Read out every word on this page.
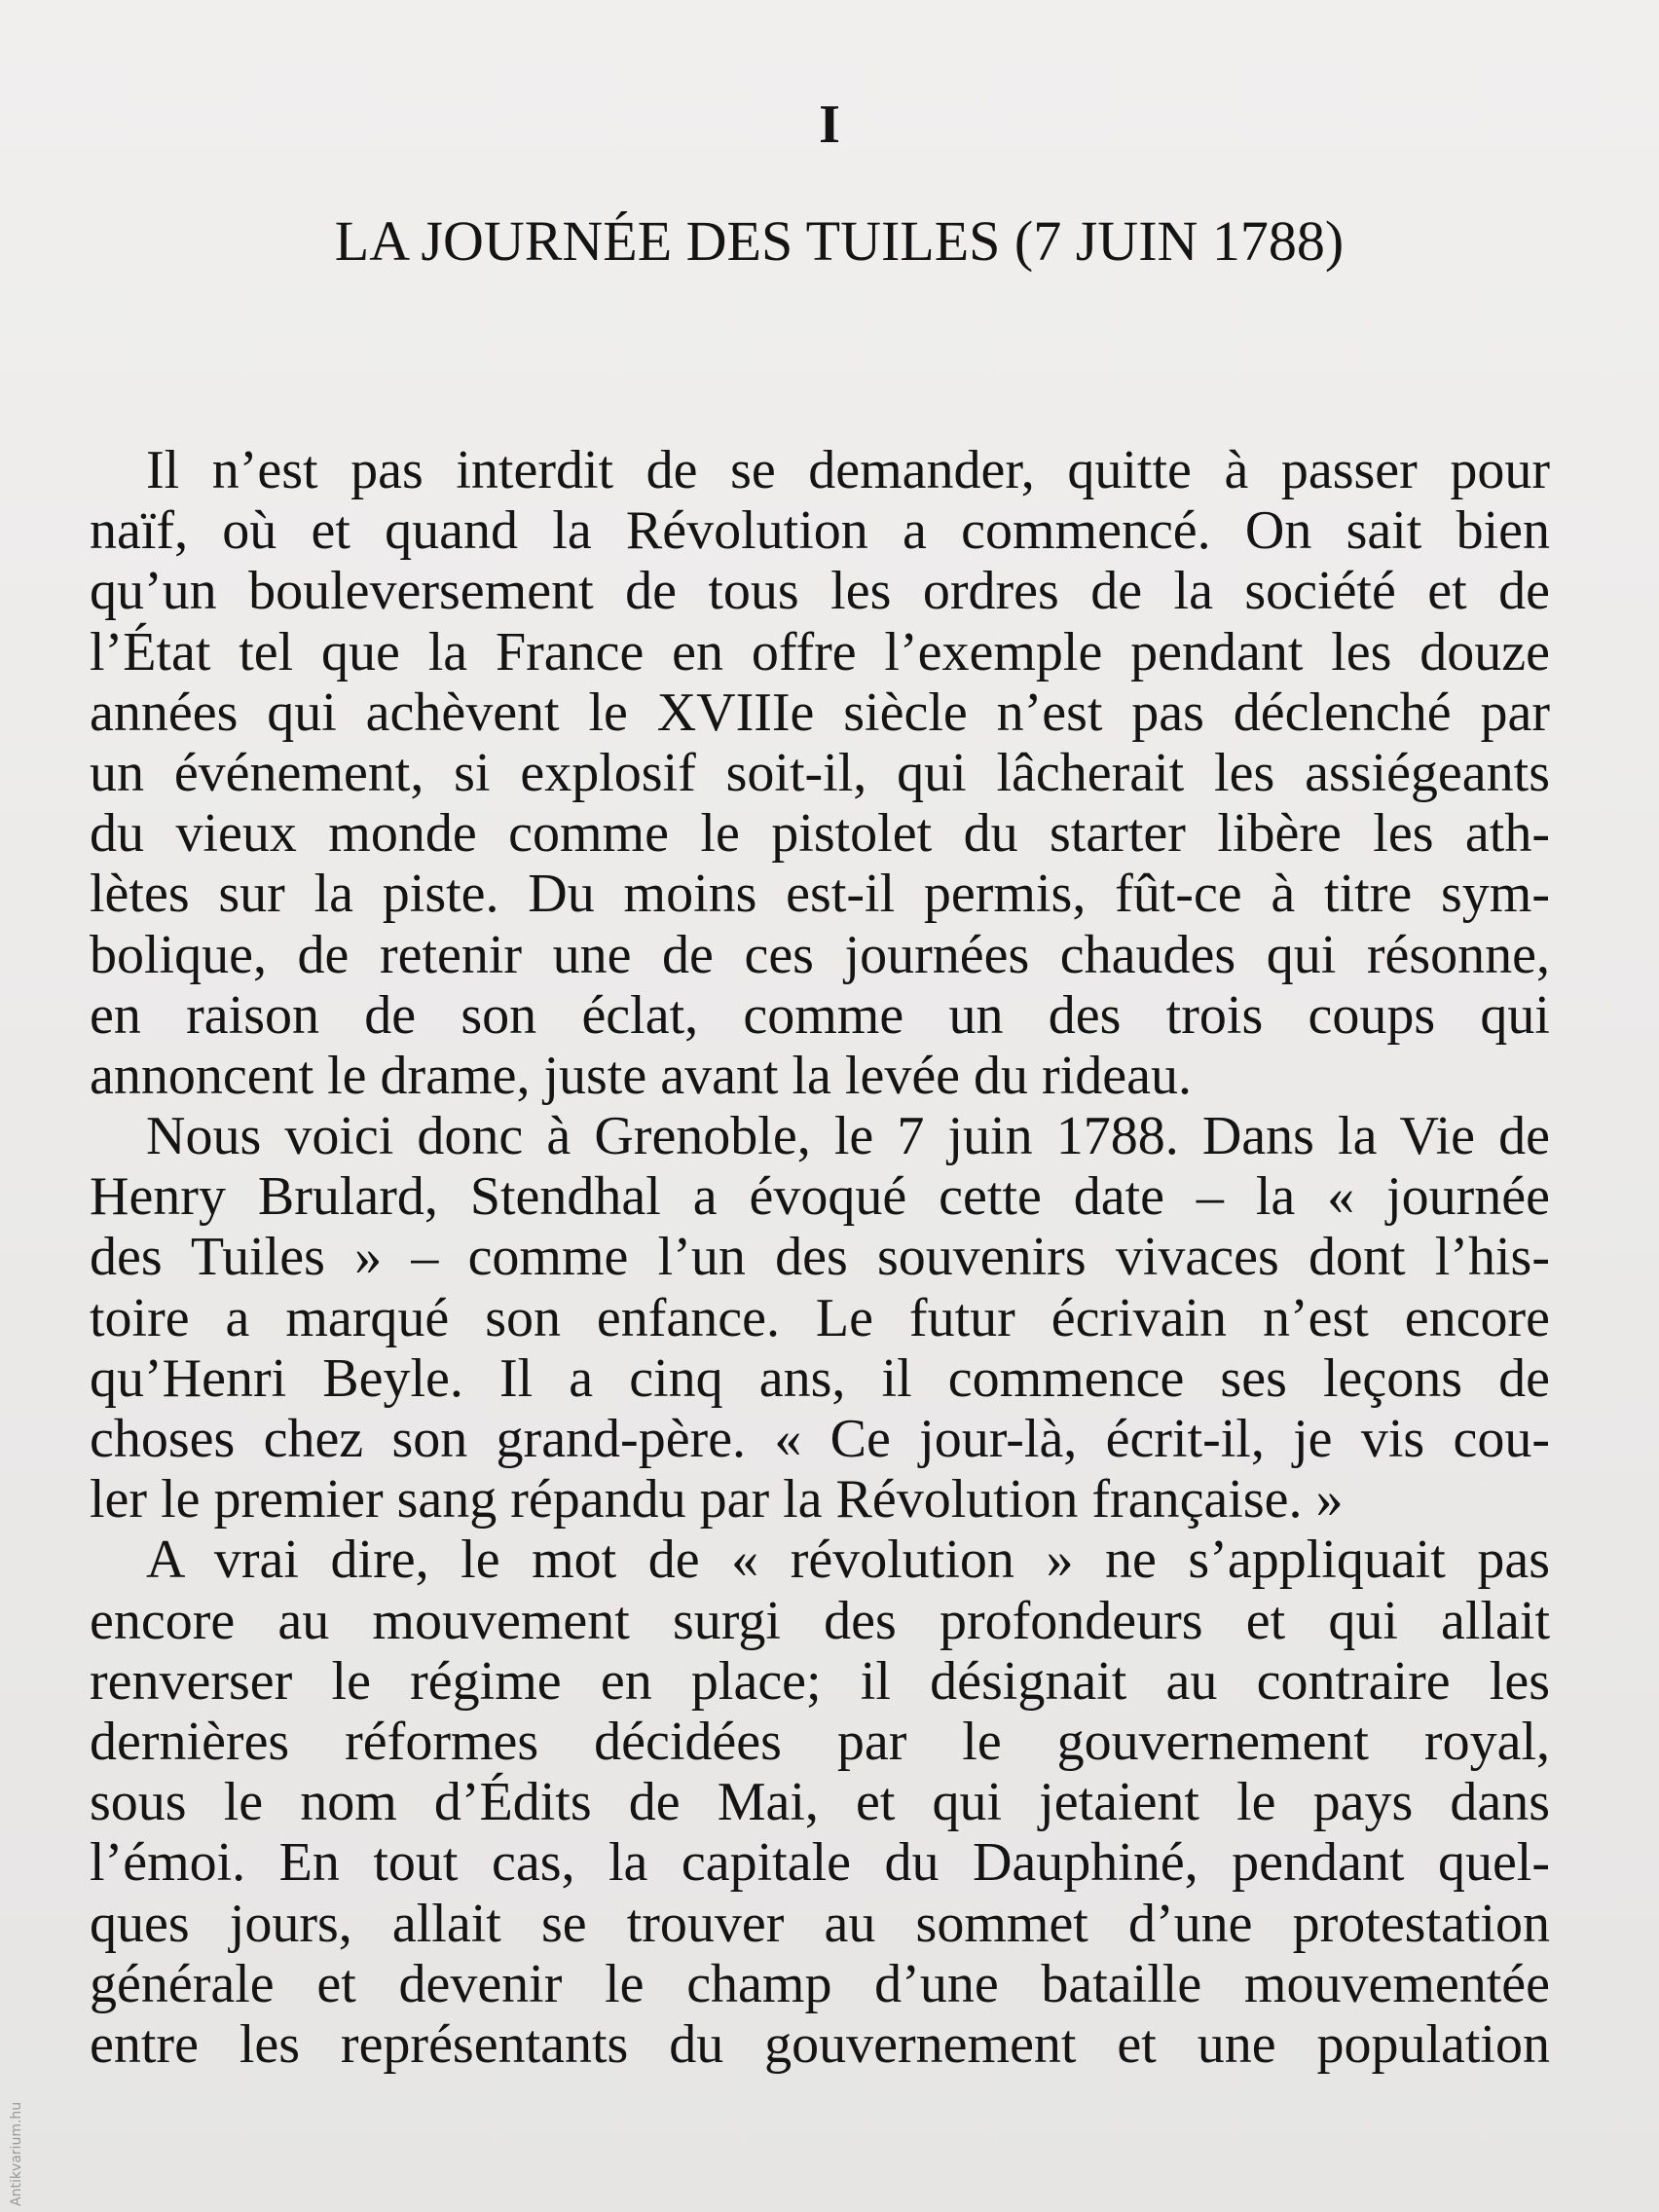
I
LA JOURNÉE DES TUILES (7 JUIN 1788)
Il n’est pas interdit de se demander, quitte à passer pour
naïf, où et quand la Révolution a commencé. On sait bien
qu’un bouleversement de tous les ordres de la société et de
l’État tel que la France en offre l’exemple pendant les douze
années qui achèvent le XVIIIe siècle n’est pas déclenché par
un événement, si explosif soit-il, qui lâcherait les assiégeants
du vieux monde comme le pistolet du starter libère les ath-
lètes sur la piste. Du moins est-il permis, fût-ce à titre sym-
bolique, de retenir une de ces journées chaudes qui résonne,
en raison de son éclat, comme un des trois coups qui
annoncent le drame, juste avant la levée du rideau.
Nous voici donc à Grenoble, le 7 juin 1788. Dans la Vie de
Henry Brulard, Stendhal a évoqué cette date – la « journée
des Tuiles » – comme l’un des souvenirs vivaces dont l’his-
toire a marqué son enfance. Le futur écrivain n’est encore
qu’Henri Beyle. Il a cinq ans, il commence ses leçons de
choses chez son grand-père. « Ce jour-là, écrit-il, je vis cou-
ler le premier sang répandu par la Révolution française. »
A vrai dire, le mot de « révolution » ne s’appliquait pas
encore au mouvement surgi des profondeurs et qui allait
renverser le régime en place; il désignait au contraire les
dernières réformes décidées par le gouvernement royal,
sous le nom d’Édits de Mai, et qui jetaient le pays dans
l’émoi. En tout cas, la capitale du Dauphiné, pendant quel-
ques jours, allait se trouver au sommet d’une protestation
générale et devenir le champ d’une bataille mouvementée
entre les représentants du gouvernement et une population
Antikvarium.hu
